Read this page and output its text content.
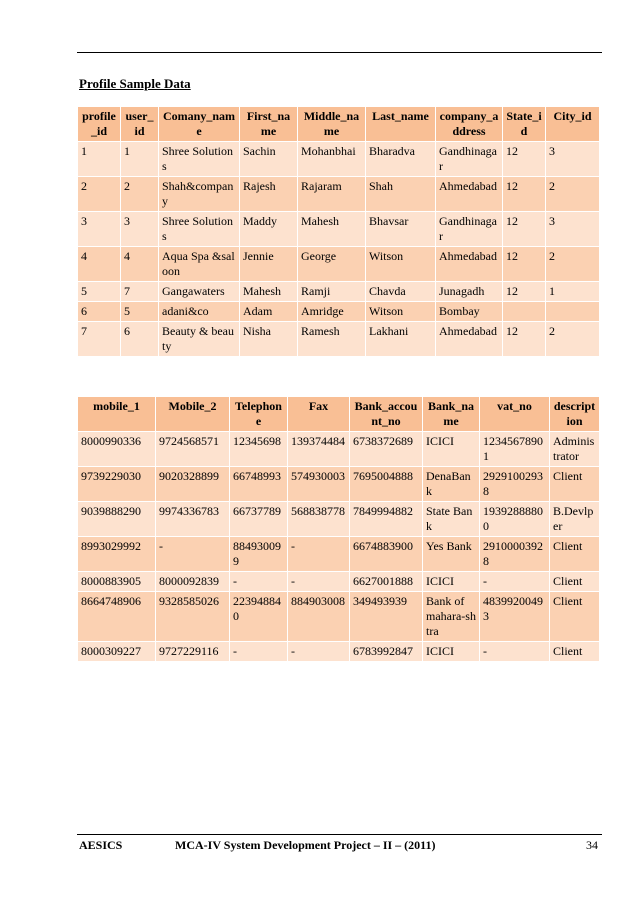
Profile Sample Data
profile_id	user_id	Comany_name	First_name	Middle_name	Last_name	company_address	State_id	City_id
1	1	Shree Solutions	Sachin	Mohanbhai	Bharadva	Gandhinagar	12	3
2	2	Shah&company	Rajesh	Rajaram	Shah	Ahmedabad	12	2
3	3	Shree Solutions	Maddy	Mahesh	Bhavsar	Gandhinagar	12	3
4	4	Aqua Spa &saloon	Jennie	George	Witson	Ahmedabad	12	2
5	7	Gangawaters	Mahesh	Ramji	Chavda	Junagadh	12	1
6	5	adani&co	Adam	Amridge	Witson	Bombay		
7	6	Beauty & beauty	Nisha	Ramesh	Lakhani	Ahmedabad	12	2
mobile_1	Mobile_2	Telephone	Fax	Bank_account_no	Bank_name	vat_no	description
8000990336	9724568571	12345698	139374484	6738372689	ICICI	12345678901	Administrator
9739229030	9020328899	66748993	574930003	7695004888	DenaBank	29291002938	Client
9039888290	9974336783	66737789	568838778	7849994882	State Bank	19392888800	B.Devlper
8993029992	-	884930099	-	6674883900	Yes Bank	29100003928	Client
8000883905	8000092839	-	-	6627001888	ICICI	-	Client
8664748906	9328585026	223948840	884903008	349493939	Bank of mahara-shtra	48399200493	Client
8000309227	9727229116	-	-	6783992847	ICICI	-	Client
AESICS	MCA-IV System Development Project – II – (2011)	34
